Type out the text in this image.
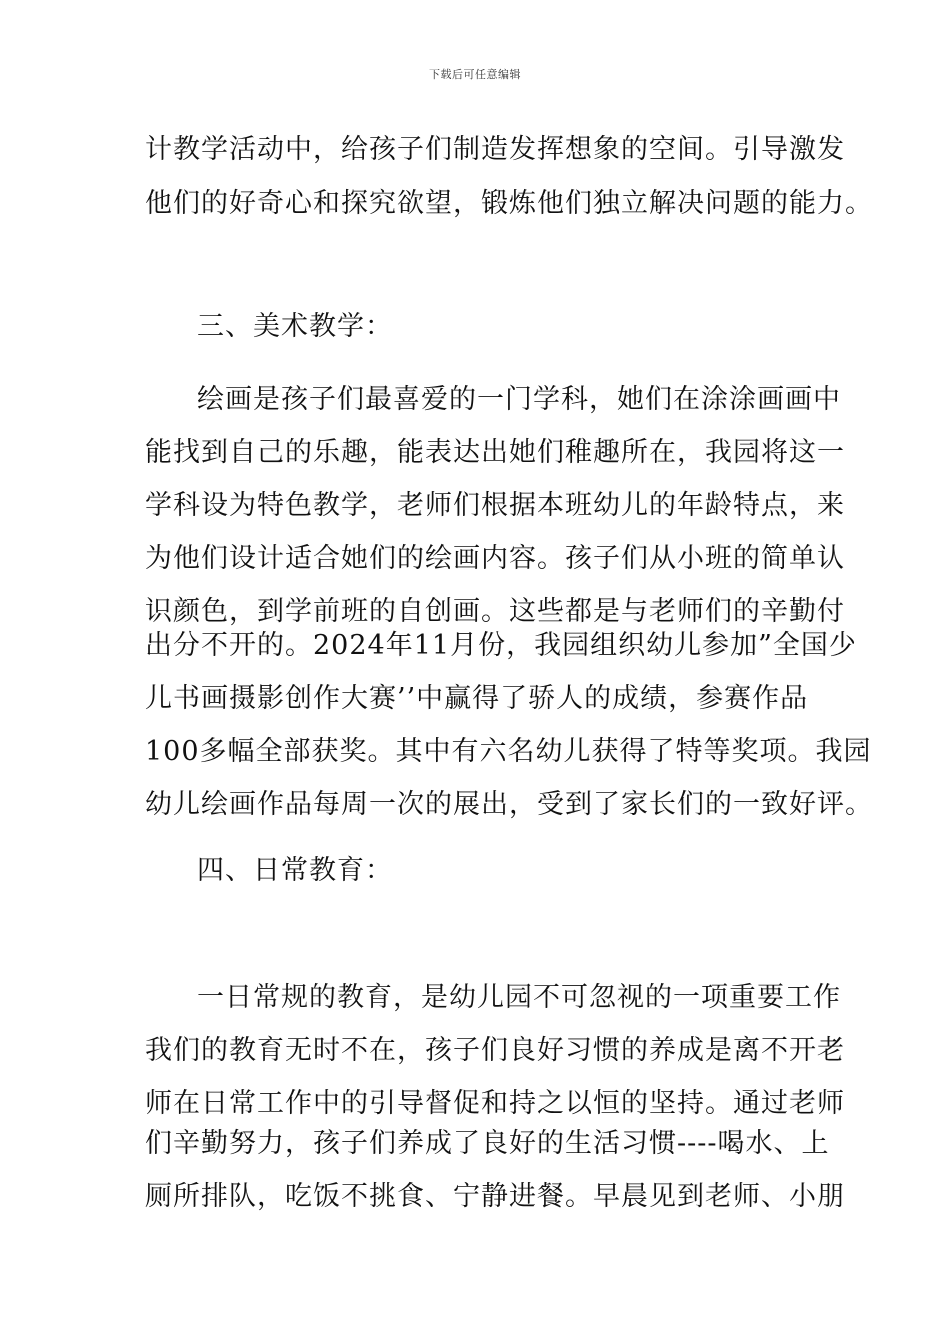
下载后可任意编辑
计教学活动中，给孩子们制造发挥想象的空间。引导激发
他们的好奇心和探究欲望，锻炼他们独立解决问题的能力。
三、美术教学：
绘画是孩子们最喜爱的一门学科，她们在涂涂画画中
能找到自己的乐趣，能表达出她们稚趣所在，我园将这一
学科设为特色教学，老师们根据本班幼儿的年龄特点，来
为他们设计适合她们的绘画内容。孩子们从小班的简单认
识颜色，到学前班的自创画。这些都是与老师们的辛勤付
出分不开的。2024年11月份，我园组织幼儿参加”全国少
儿书画摄影创作大赛’’中赢得了骄人的成绩，参赛作品
100多幅全部获奖。其中有六名幼儿获得了特等奖项。我园
幼儿绘画作品每周一次的展出，受到了家长们的一致好评。
四、日常教育：
一日常规的教育，是幼儿园不可忽视的一项重要工作
我们的教育无时不在，孩子们良好习惯的养成是离不开老
师在日常工作中的引导督促和持之以恒的坚持。通过老师
们辛勤努力，孩子们养成了良好的生活习惯----喝水、上
厕所排队，吃饭不挑食、宁静进餐。早晨见到老师、小朋
